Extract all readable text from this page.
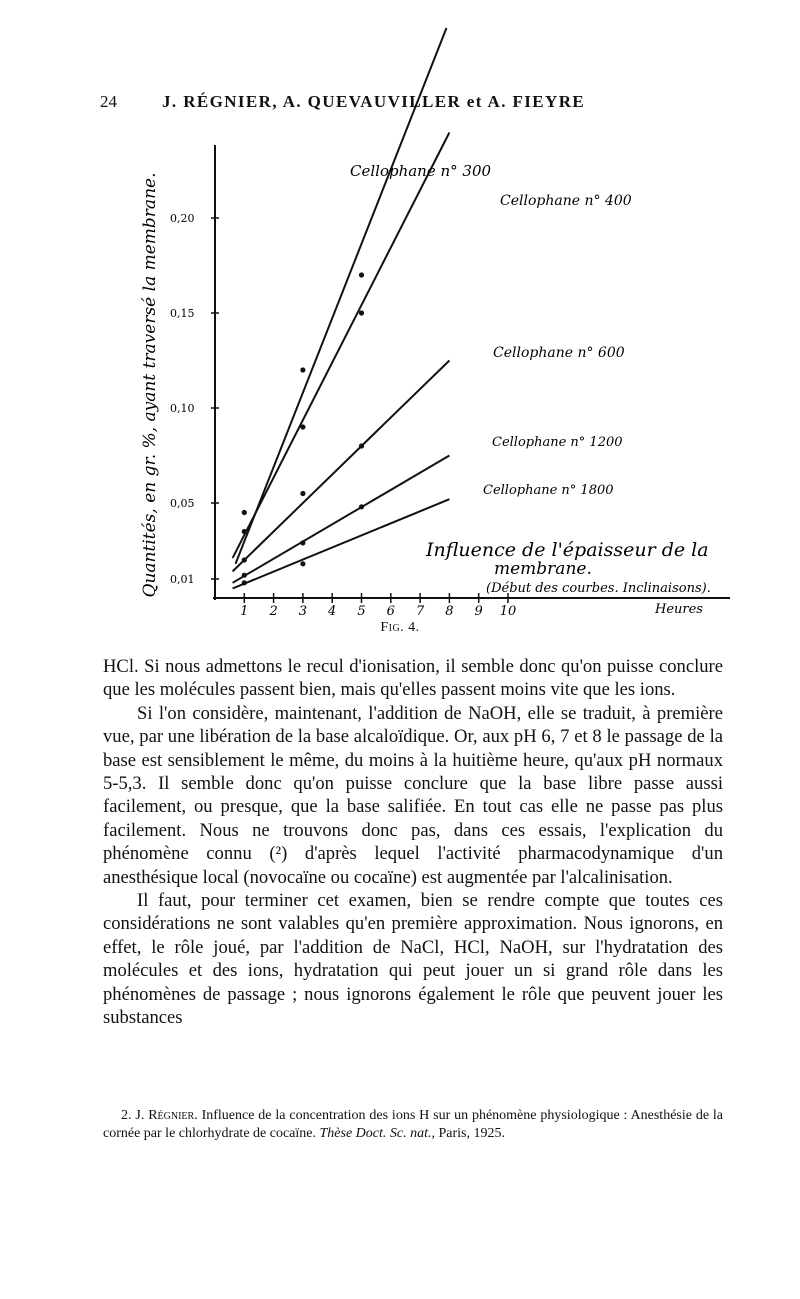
24	J. RÉGNIER, A. QUEVAUVILLER et A. FIEYRE
0,01
0,05
0,10
0,15
0,20
1 2 3 4 5 6 7 8 9 10
Cellophane n° 300
Cellophane n° 400
Cellophane n° 600
Cellophane n° 1200
Cellophane n° 1800
Quantités, en gr. %, ayant traversé la membrane.	Influence de l'épaisseur de la
membrane.
(Début des courbes. Inclinaisons).
Heures
Fig. 4.

HCl. Si nous admettons le recul d'ionisation, il semble donc qu'on puisse conclure que les molécules passent bien, mais qu'elles passent moins vite que les ions.

Si l'on considère, maintenant, l'addition de NaOH, elle se traduit, à première vue, par une libération de la base alcaloïdique. Or, aux pH 6, 7 et 8 le passage de la base est sensiblement le même, du moins à la huitième heure, qu'aux pH normaux 5-5,3. Il semble donc qu'on puisse conclure que la base libre passe aussi facilement, ou presque, que la base salifiée. En tout cas elle ne passe pas plus facilement. Nous ne trouvons donc pas, dans ces essais, l'explication du phénomène connu (²) d'après lequel l'activité pharmacodynamique d'un anesthésique local (novocaïne ou cocaïne) est augmentée par l'alcalinisation.

Il faut, pour terminer cet examen, bien se rendre compte que toutes ces considérations ne sont valables qu'en première approximation. Nous ignorons, en effet, le rôle joué, par l'addition de NaCl, HCl, NaOH, sur l'hydratation des molécules et des ions, hydratation qui peut jouer un si grand rôle dans les phénomènes de passage ; nous ignorons également le rôle que peuvent jouer les substances

2. J. Régnier. Influence de la concentration des ions H sur un phénomène physiologique : Anesthésie de la cornée par le chlorhydrate de cocaïne. Thèse Doct. Sc. nat., Paris, 1925.
